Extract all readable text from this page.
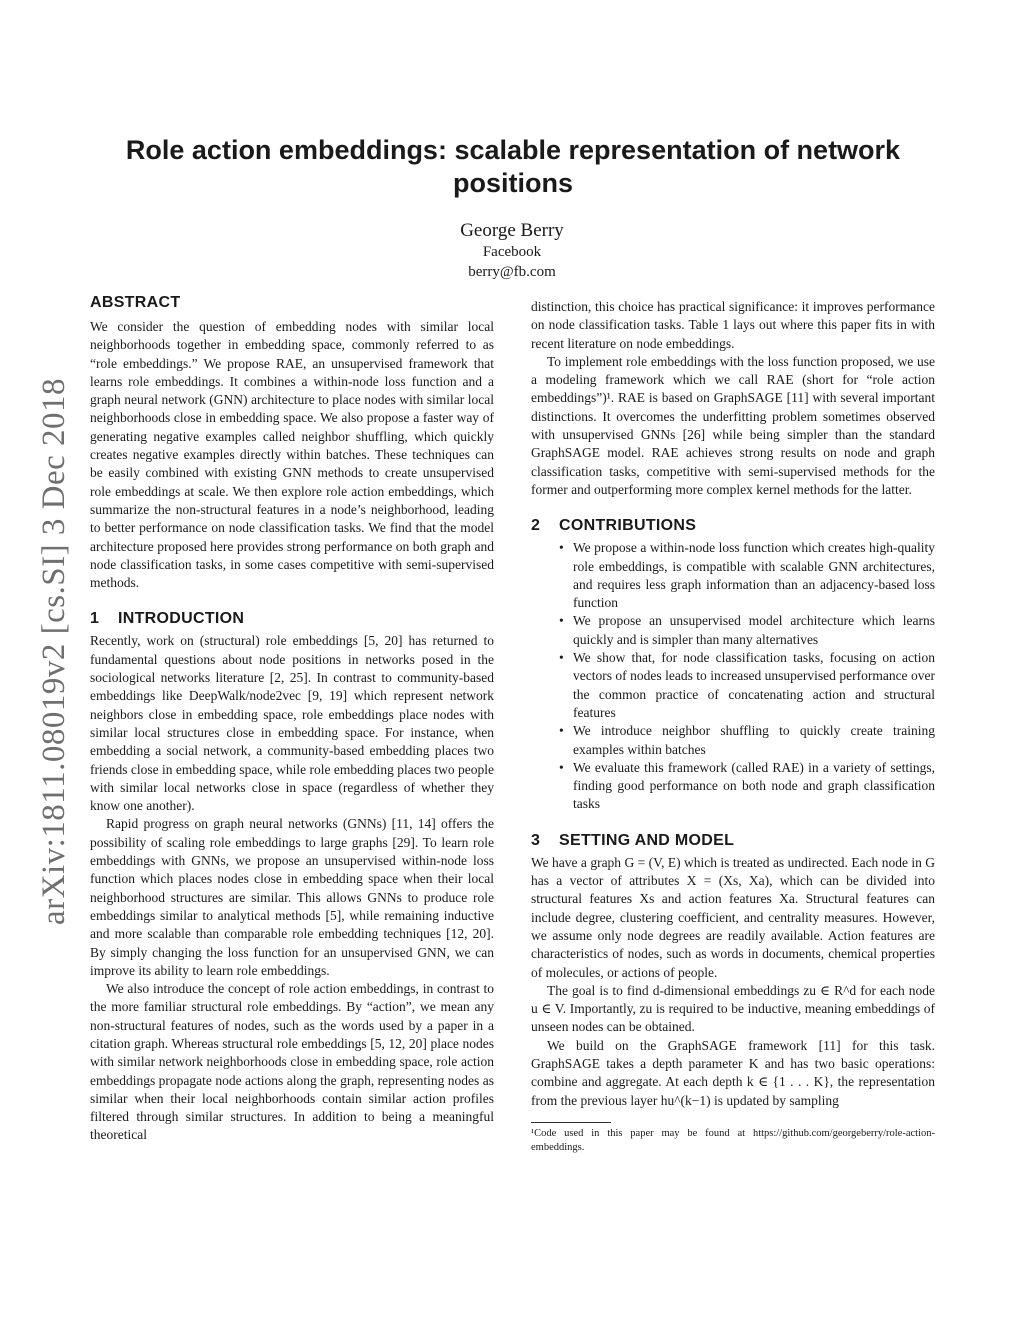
arXiv:1811.08019v2 [cs.SI] 3 Dec 2018
Role action embeddings: scalable representation of network positions
George Berry
Facebook
berry@fb.com
ABSTRACT

We consider the question of embedding nodes with similar local neighborhoods together in embedding space, commonly referred to as “role embeddings.” We propose RAE, an unsupervised framework that learns role embeddings. It combines a within-node loss function and a graph neural network (GNN) architecture to place nodes with similar local neighborhoods close in embedding space. We also propose a faster way of generating negative examples called neighbor shuffling, which quickly creates negative examples directly within batches. These techniques can be easily combined with existing GNN methods to create unsupervised role embeddings at scale. We then explore role action embeddings, which summarize the non-structural features in a node’s neighborhood, leading to better performance on node classification tasks. We find that the model architecture proposed here provides strong performance on both graph and node classification tasks, in some cases competitive with semi-supervised methods.

1 INTRODUCTION

Recently, work on (structural) role embeddings [5, 20] has returned to fundamental questions about node positions in networks posed in the sociological networks literature [2, 25]. In contrast to community-based embeddings like DeepWalk/node2vec [9, 19] which represent network neighbors close in embedding space, role embeddings place nodes with similar local structures close in embedding space. For instance, when embedding a social network, a community-based embedding places two friends close in embedding space, while role embedding places two people with similar local networks close in space (regardless of whether they know one another).

Rapid progress on graph neural networks (GNNs) [11, 14] offers the possibility of scaling role embeddings to large graphs [29]. To learn role embeddings with GNNs, we propose an unsupervised within-node loss function which places nodes close in embedding space when their local neighborhood structures are similar. This allows GNNs to produce role embeddings similar to analytical methods [5], while remaining inductive and more scalable than comparable role embedding techniques [12, 20]. By simply changing the loss function for an unsupervised GNN, we can improve its ability to learn role embeddings.

We also introduce the concept of role action embeddings, in contrast to the more familiar structural role embeddings. By “action”, we mean any non-structural features of nodes, such as the words used by a paper in a citation graph. Whereas structural role embeddings [5, 12, 20] place nodes with similar network neighborhoods close in embedding space, role action embeddings propagate node actions along the graph, representing nodes as similar when their local neighborhoods contain similar action profiles filtered through similar structures. In addition to being a meaningful theoretical

distinction, this choice has practical significance: it improves performance on node classification tasks. Table 1 lays out where this paper fits in with recent literature on node embeddings.

To implement role embeddings with the loss function proposed, we use a modeling framework which we call RAE (short for “role action embeddings”)¹. RAE is based on GraphSAGE [11] with several important distinctions. It overcomes the underfitting problem sometimes observed with unsupervised GNNs [26] while being simpler than the standard GraphSAGE model. RAE achieves strong results on node and graph classification tasks, competitive with semi-supervised methods for the former and outperforming more complex kernel methods for the latter.

2 CONTRIBUTIONS
• We propose a within-node loss function which creates high-quality role embeddings, is compatible with scalable GNN architectures, and requires less graph information than an adjacency-based loss function
• We propose an unsupervised model architecture which learns quickly and is simpler than many alternatives
• We show that, for node classification tasks, focusing on action vectors of nodes leads to increased unsupervised performance over the common practice of concatenating action and structural features
• We introduce neighbor shuffling to quickly create training examples within batches
• We evaluate this framework (called RAE) in a variety of settings, finding good performance on both node and graph classification tasks
3 SETTING AND MODEL

We have a graph G = (V, E) which is treated as undirected. Each node in G has a vector of attributes X = (Xs, Xa), which can be divided into structural features Xs and action features Xa. Structural features can include degree, clustering coefficient, and centrality measures. However, we assume only node degrees are readily available. Action features are characteristics of nodes, such as words in documents, chemical properties of molecules, or actions of people.

The goal is to find d-dimensional embeddings zu ∈ R^d for each node u ∈ V. Importantly, zu is required to be inductive, meaning embeddings of unseen nodes can be obtained.

We build on the GraphSAGE framework [11] for this task. GraphSAGE takes a depth parameter K and has two basic operations: combine and aggregate. At each depth k ∈ {1 . . . K}, the representation from the previous layer hu^(k−1) is updated by sampling

¹Code used in this paper may be found at https://github.com/georgeberry/role-action-embeddings.
